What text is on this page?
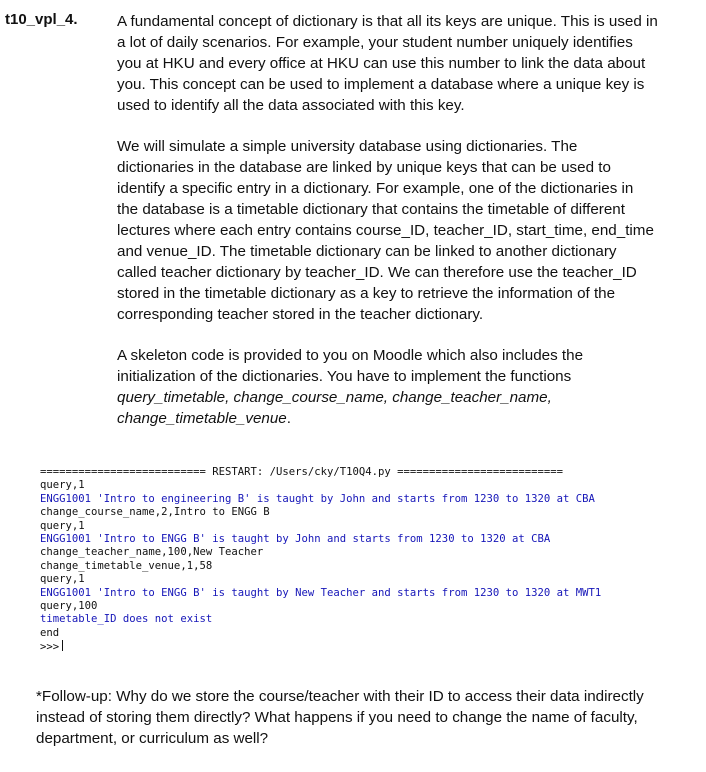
t10_vpl_4.	A fundamental concept of dictionary is that all its keys are unique. This is used in
a lot of daily scenarios. For example, your student number uniquely identifies
you at HKU and every office at HKU can use this number to link the data about
you. This concept can be used to implement a database where a unique key is
used to identify all the data associated with this key.
We will simulate a simple university database using dictionaries. The
dictionaries in the database are linked by unique keys that can be used to
identify a specific entry in a dictionary. For example, one of the dictionaries in
the database is a timetable dictionary that contains the timetable of different
lectures where each entry contains course_ID, teacher_ID, start_time, end_time
and venue_ID. The timetable dictionary can be linked to another dictionary
called teacher dictionary by teacher_ID. We can therefore use the teacher_ID
stored in the timetable dictionary as a key to retrieve the information of the
corresponding teacher stored in the teacher dictionary.
A skeleton code is provided to you on Moodle which also includes the
initialization of the dictionaries. You have to implement the functions
query_timetable, change_course_name, change_teacher_name,
change_timetable_venue.
========================== RESTART: /Users/cky/T10Q4.py ==========================
query,1
ENGG1001 'Intro to engineering B' is taught by John and starts from 1230 to 1320 at CBA
change_course_name,2,Intro to ENGG B
query,1
ENGG1001 'Intro to ENGG B' is taught by John and starts from 1230 to 1320 at CBA
change_teacher_name,100,New Teacher
change_timetable_venue,1,58
query,1
ENGG1001 'Intro to ENGG B' is taught by New Teacher and starts from 1230 to 1320 at MWT1
query,100
timetable_ID does not exist
end
>>>
*Follow-up: Why do we store the course/teacher with their ID to access their data indirectly
instead of storing them directly? What happens if you need to change the name of faculty,
department, or curriculum as well?
